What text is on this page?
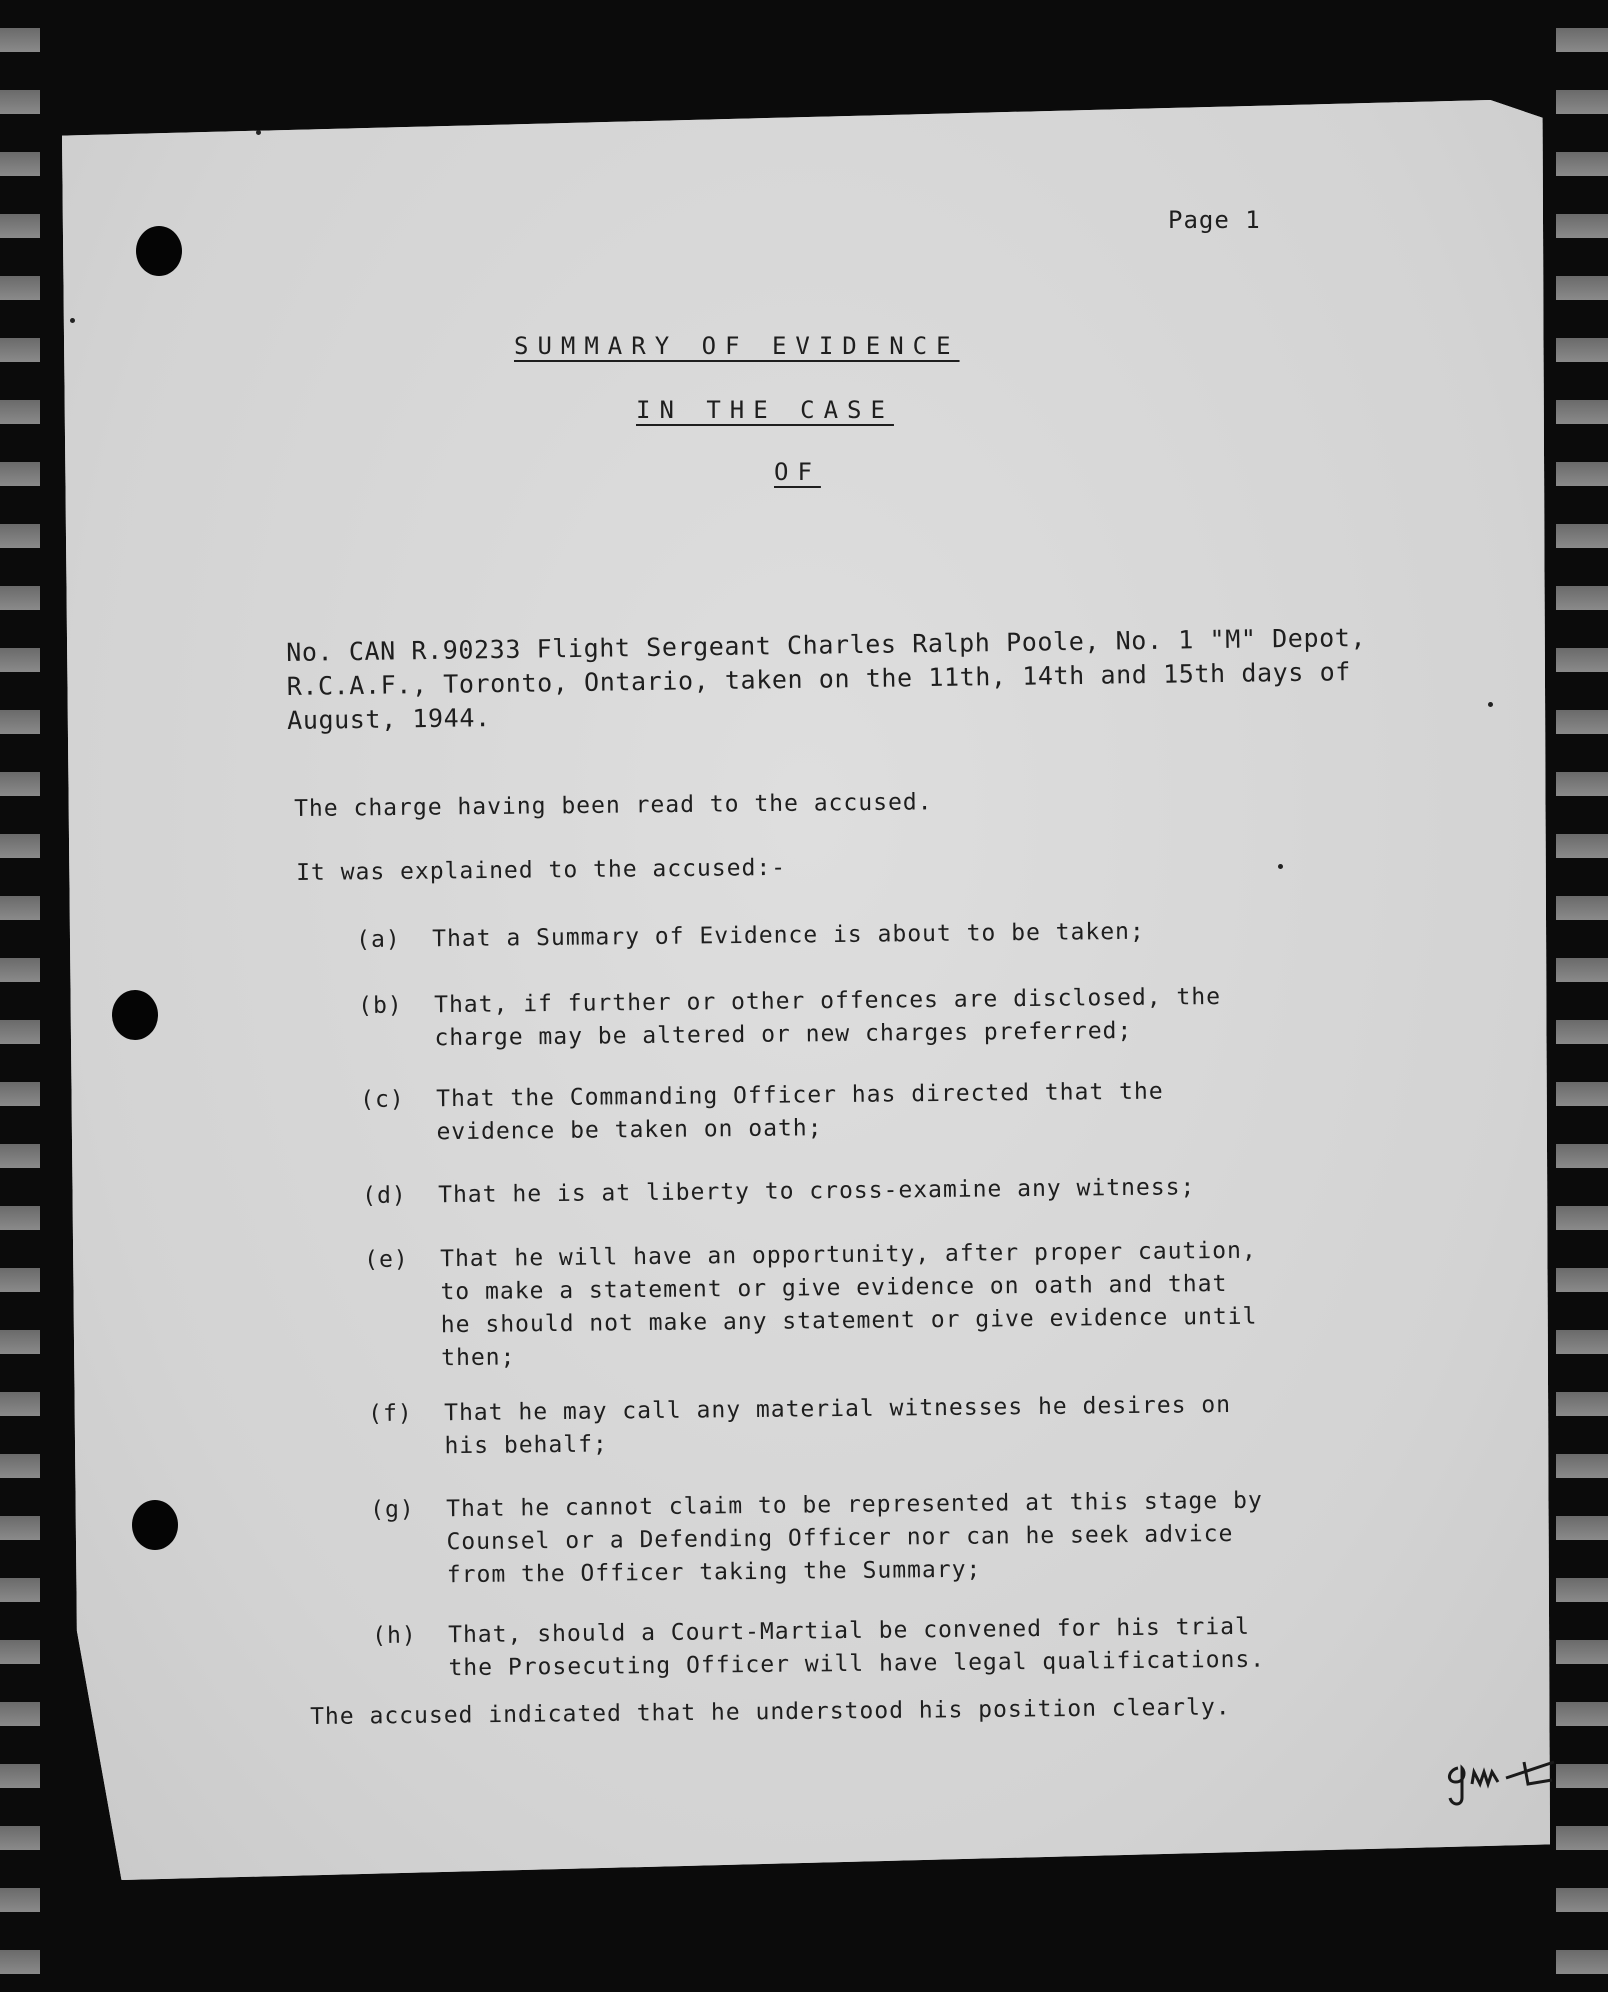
Page 1
SUMMARY OF EVIDENCE
IN THE CASE
OF
No. CAN R.90233 Flight Sergeant Charles Ralph Poole, No. 1 "M" Depot,
R.C.A.F., Toronto, Ontario, taken on the 11th, 14th and 15th days of
August, 1944.
The charge having been read to the accused.
It was explained to the accused:-
(a) That a Summary of Evidence is about to be taken;
(b) That, if further or other offences are disclosed, the
charge may be altered or new charges preferred;
(c) That the Commanding Officer has directed that the
evidence be taken on oath;
(d) That he is at liberty to cross-examine any witness;
(e) That he will have an opportunity, after proper caution,
to make a statement or give evidence on oath and that
he should not make any statement or give evidence until
then;
(f) That he may call any material witnesses he desires on
his behalf;
(g) That he cannot claim to be represented at this stage by
Counsel or a Defending Officer nor can he seek advice
from the Officer taking the Summary;
(h) That, should a Court-Martial be convened for his trial
the Prosecuting Officer will have legal qualifications.
The accused indicated that he understood his position clearly.
